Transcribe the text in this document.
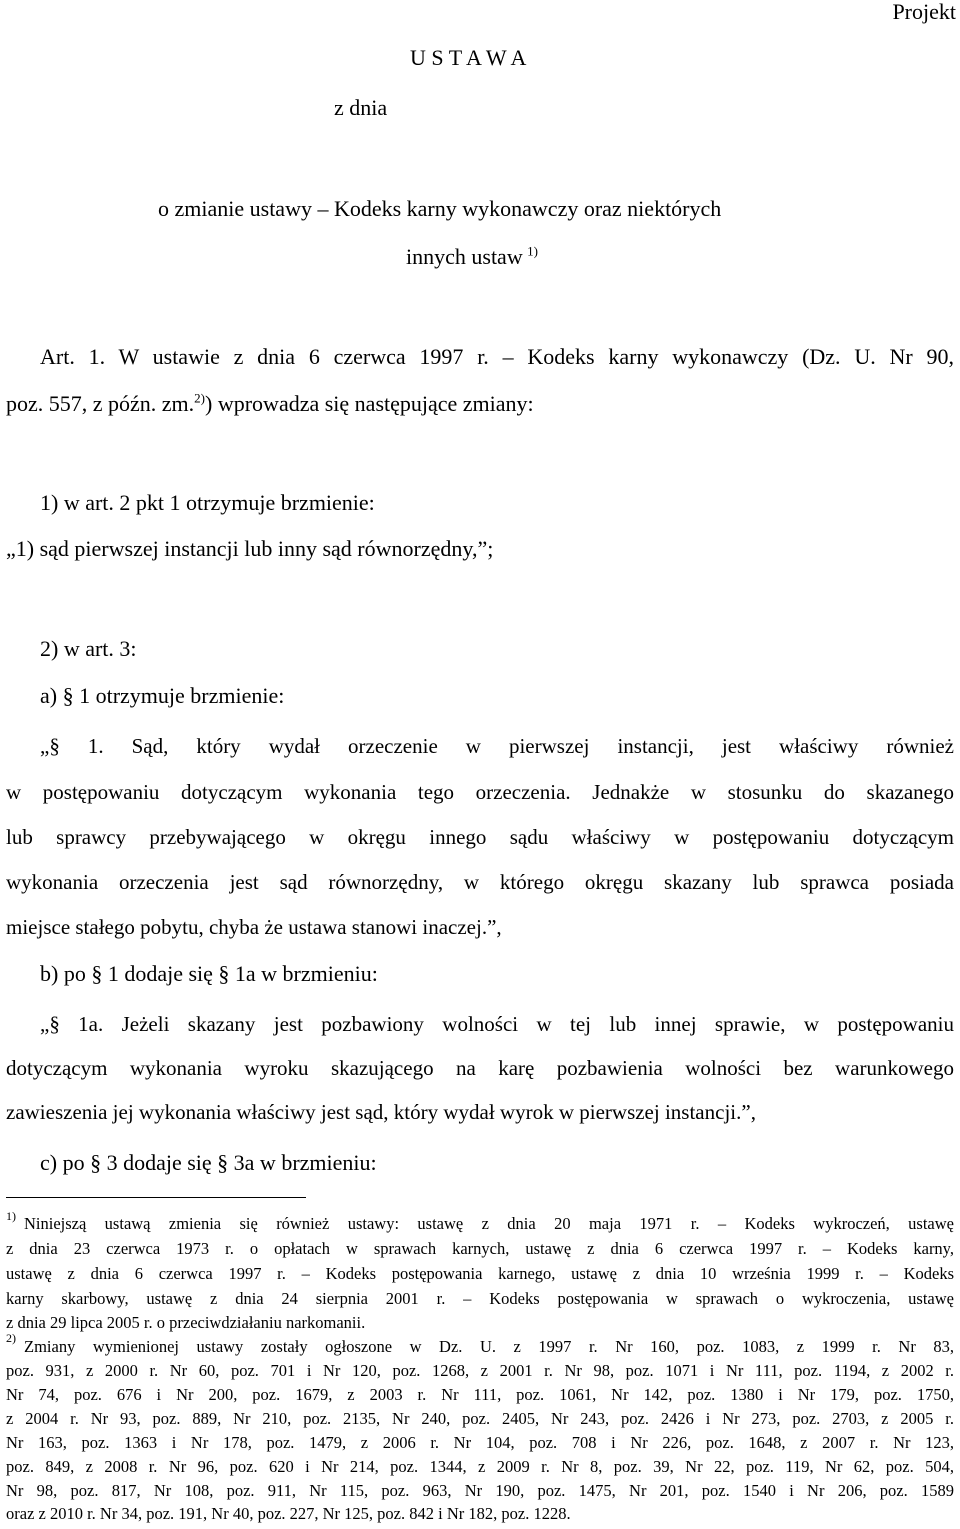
Projekt
U S T A W A
z dnia
o zmianie ustawy – Kodeks karny wykonawczy oraz niektórych
innych ustaw  $^{1)}$
Art. 1. W ustawie z dnia 6 czerwca 1997 r. – Kodeks karny wykonawczy (Dz. U. Nr 90,
poz. 557, z późn. zm.$^{2)}$) wprowadza się następujące zmiany:
1) w art. 2 pkt 1 otrzymuje brzmienie:
„1) sąd pierwszej instancji lub inny sąd równorzędny,”;
2) w art. 3:
a) § 1 otrzymuje brzmienie:
„§ 1. Sąd, który wydał orzeczenie w pierwszej instancji, jest właściwy również
w postępowaniu dotyczącym wykonania tego orzeczenia. Jednakże w stosunku do skazanego
lub sprawcy przebywającego w okręgu innego sądu właściwy w postępowaniu dotyczącym
wykonania orzeczenia jest sąd równorzędny, w którego okręgu skazany lub sprawca posiada
miejsce stałego pobytu, chyba że ustawa stanowi inaczej.”,
b) po § 1 dodaje się § 1a w brzmieniu:
„§ 1a. Jeżeli skazany jest pozbawiony wolności w tej lub innej sprawie, w postępowaniu
dotyczącym wykonania wyroku skazującego na karę pozbawienia wolności bez warunkowego
zawieszenia jej wykonania właściwy jest sąd, który wydał wyrok w pierwszej instancji.”,
c) po § 3 dodaje się § 3a w brzmieniu:
1) Niniejszą ustawą zmienia się również ustawy: ustawę z dnia 20 maja 1971 r. – Kodeks wykroczeń, ustawę
z dnia 23 czerwca 1973 r. o opłatach w sprawach karnych, ustawę z dnia 6 czerwca 1997 r. – Kodeks karny,
ustawę z dnia 6 czerwca 1997 r. – Kodeks postępowania karnego, ustawę z dnia 10 września 1999 r. – Kodeks
karny skarbowy, ustawę z dnia 24 sierpnia 2001 r. – Kodeks postępowania w sprawach o wykroczenia, ustawę
z dnia 29 lipca 2005 r. o przeciwdziałaniu narkomanii.
2) Zmiany wymienionej ustawy zostały ogłoszone w Dz. U. z 1997 r. Nr 160, poz. 1083, z 1999 r. Nr 83,
poz. 931, z 2000 r. Nr 60, poz. 701 i Nr 120, poz. 1268, z 2001 r. Nr 98, poz. 1071 i Nr 111, poz. 1194, z 2002 r.
Nr 74, poz. 676 i Nr 200, poz. 1679, z 2003 r. Nr 111, poz. 1061, Nr 142, poz. 1380 i Nr 179, poz. 1750,
z 2004 r. Nr 93, poz. 889, Nr 210, poz. 2135, Nr 240, poz. 2405, Nr 243, poz. 2426 i Nr 273, poz. 2703, z 2005 r.
Nr 163, poz. 1363 i Nr 178, poz. 1479, z 2006 r. Nr 104, poz. 708 i Nr 226, poz. 1648, z 2007 r. Nr 123,
poz. 849, z 2008 r. Nr 96, poz. 620 i Nr 214, poz. 1344, z 2009 r. Nr 8, poz. 39, Nr 22, poz. 119, Nr 62, poz. 504,
Nr 98, poz. 817, Nr 108, poz. 911, Nr 115, poz. 963, Nr 190, poz. 1475, Nr 201, poz. 1540 i Nr 206, poz. 1589
oraz z 2010 r. Nr 34, poz. 191, Nr 40, poz. 227, Nr 125, poz. 842 i Nr 182, poz. 1228.
